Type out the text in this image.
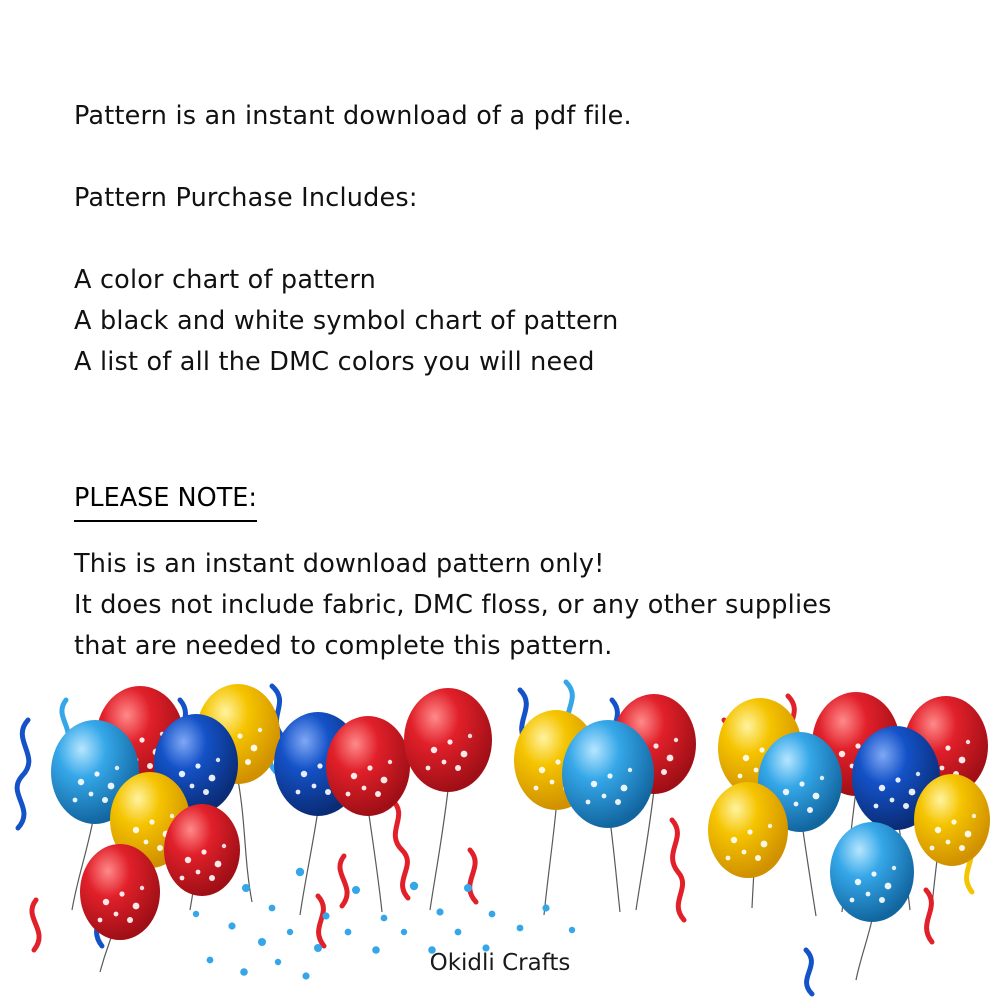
Pattern is an instant download of a pdf file.
Pattern Purchase Includes:
A color chart of pattern
A black and white symbol chart of pattern
A list of all the DMC colors you will need
PLEASE NOTE:
This is an instant download pattern only!
It does not include fabric, DMC floss, or any other supplies
that are needed to complete this pattern.
Okidli Crafts
